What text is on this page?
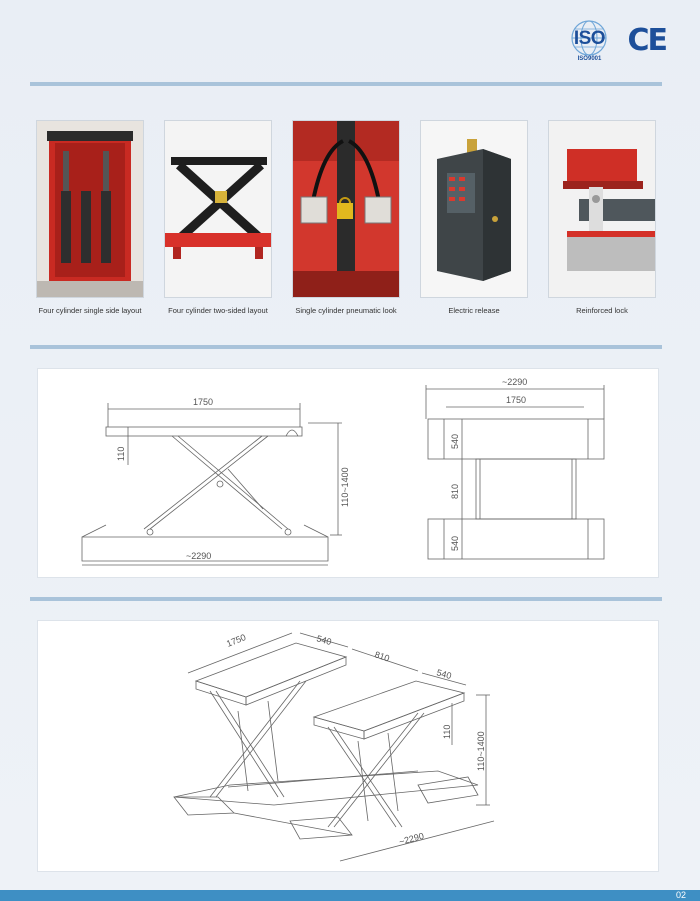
ISO
ISO9001
CE
Four cylinder single side layout	Four cylinder two-sided layout	Single cylinder pneumatic look	Electric release	Reinforced lock
1750
~2290
110
110~1400
~2290
1750
540
810
540
1750	540
810
540
110	110~1400
~2290
02
